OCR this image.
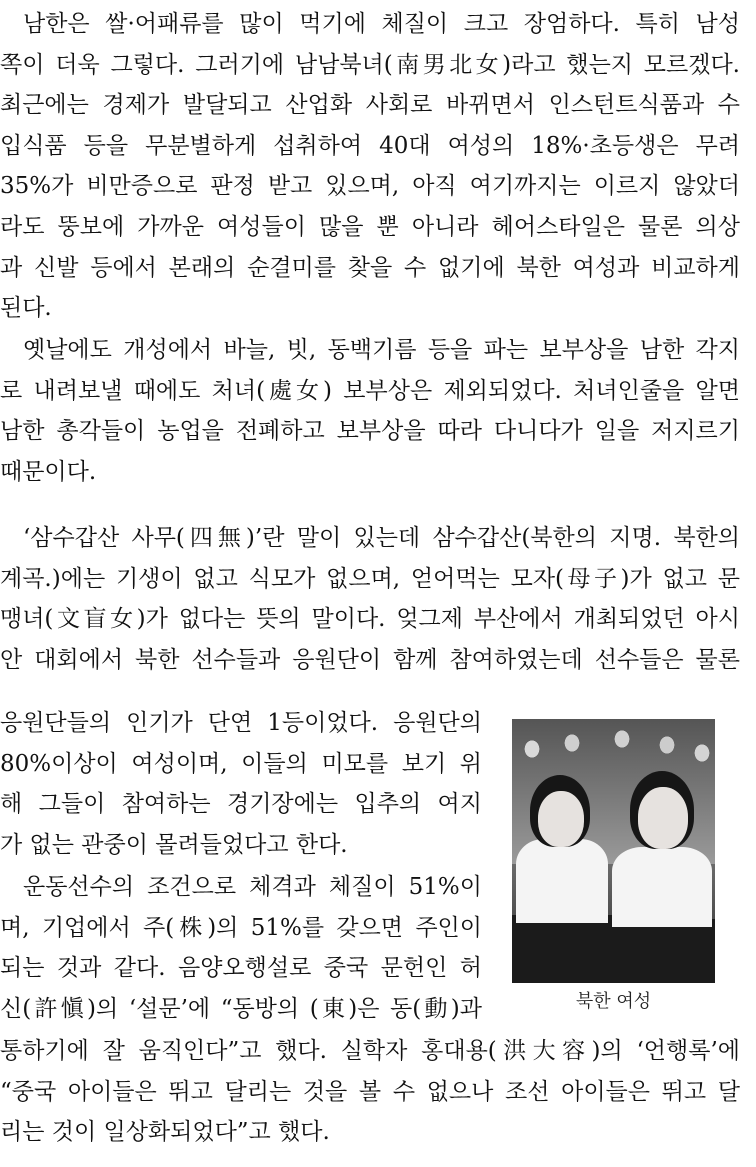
남한은 쌀·어패류를 많이 먹기에 체질이 크고 장엄하다. 특히 남성
쪽이 더욱 그렇다. 그러기에 남남북녀(南男北女)라고 했는지 모르겠다.
최근에는 경제가 발달되고 산업화 사회로 바뀌면서 인스턴트식품과 수
입식품 등을 무분별하게 섭취하여 40대 여성의 18%·초등생은 무려
35%가 비만증으로 판정 받고 있으며, 아직 여기까지는 이르지 않았더
라도 뚱보에 가까운 여성들이 많을 뿐 아니라 헤어스타일은 물론 의상
과 신발 등에서 본래의 순결미를 찾을 수 없기에 북한 여성과 비교하게
된다.
옛날에도 개성에서 바늘, 빗, 동백기름 등을 파는 보부상을 남한 각지
로 내려보낼 때에도 처녀(處女) 보부상은 제외되었다. 처녀인줄을 알면
남한 총각들이 농업을 전폐하고 보부상을 따라 다니다가 일을 저지르기
때문이다.
‘삼수갑산 사무(四無)’란 말이 있는데 삼수갑산(북한의 지명. 북한의
계곡.)에는 기생이 없고 식모가 없으며, 얻어먹는 모자(母子)가 없고 문
맹녀(文盲女)가 없다는 뜻의 말이다. 엊그제 부산에서 개최되었던 아시
안 대회에서 북한 선수들과 응원단이 함께 참여하였는데 선수들은 물론
응원단들의 인기가 단연 1등이었다. 응원단의
80%이상이 여성이며, 이들의 미모를 보기 위
해 그들이 참여하는 경기장에는 입추의 여지
가 없는 관중이 몰려들었다고 한다.
운동선수의 조건으로 체격과 체질이 51%이
며, 기업에서 주(株)의 51%를 갖으면 주인이
되는 것과 같다. 음양오행설로 중국 문헌인 허
신(許愼)의 ‘설문’에 “동방의 (東)은 동(動)과
통하기에 잘 움직인다”고 했다. 실학자 홍대용(洪大容)의 ‘언행록’에
“중국 아이들은 뛰고 달리는 것을 볼 수 없으나 조선 아이들은 뛰고 달
리는 것이 일상화되었다”고 했다.
북한 여성
